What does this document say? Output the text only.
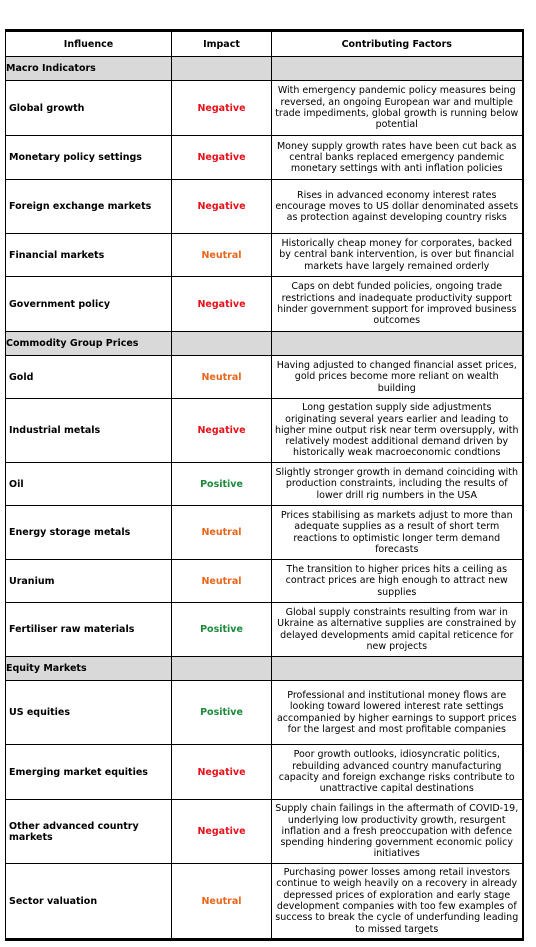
Influence	Impact	Contributing Factors
Macro Indicators		
Global growth	Negative	With emergency pandemic policy measures being reversed, an ongoing European war and multiple trade impediments, global growth is running below potential
Monetary policy settings	Negative	Money supply growth rates have been cut back as central banks replaced emergency pandemic monetary settings with anti inflation policies
Foreign exchange markets	Negative	Rises in advanced economy interest rates encourage moves to US dollar denominated assets as protection against developing country risks
Financial markets	Neutral	Historically cheap money for corporates, backed by central bank intervention, is over but financial markets have largely remained orderly
Government policy	Negative	Caps on debt funded policies, ongoing trade restrictions and inadequate productivity support hinder government support for improved business outcomes
Commodity Group Prices		
Gold	Neutral	Having adjusted to changed financial asset prices, gold prices become more reliant on wealth building
Industrial metals	Negative	Long gestation supply side adjustments originating several years earlier and leading to higher mine output risk near term oversupply, with relatively modest additional demand driven by historically weak macroeconomic condtions
Oil	Positive	Slightly stronger growth in demand coinciding with production constraints, including the results of lower drill rig numbers in the USA
Energy storage metals	Neutral	Prices stabilising as markets adjust to more than adequate supplies as a result of short term reactions to optimistic longer term demand forecasts
Uranium	Neutral	The transition to higher prices hits a ceiling as contract prices are high enough to attract new supplies
Fertiliser raw materials	Positive	Global supply constraints resulting from war in Ukraine as alternative supplies are constrained by delayed developments amid capital reticence for new projects
Equity Markets		
US equities	Positive	Professional and institutional money flows are looking toward lowered interest rate settings accompanied by higher earnings to support prices for the largest and most profitable companies
Emerging market equities	Negative	Poor growth outlooks, idiosyncratic politics, rebuilding advanced country manufacturing capacity and foreign exchange risks contribute to unattractive capital destinations
Other advanced country markets	Negative	Supply chain failings in the aftermath of COVID-19, underlying low productivity growth, resurgent inflation and a fresh preoccupation with defence spending hindering government economic policy initiatives
Sector valuation	Neutral	Purchasing power losses among retail investors continue to weigh heavily on a recovery in already depressed prices of exploration and early stage development companies with too few examples of success to break the cycle of underfunding leading to missed targets
